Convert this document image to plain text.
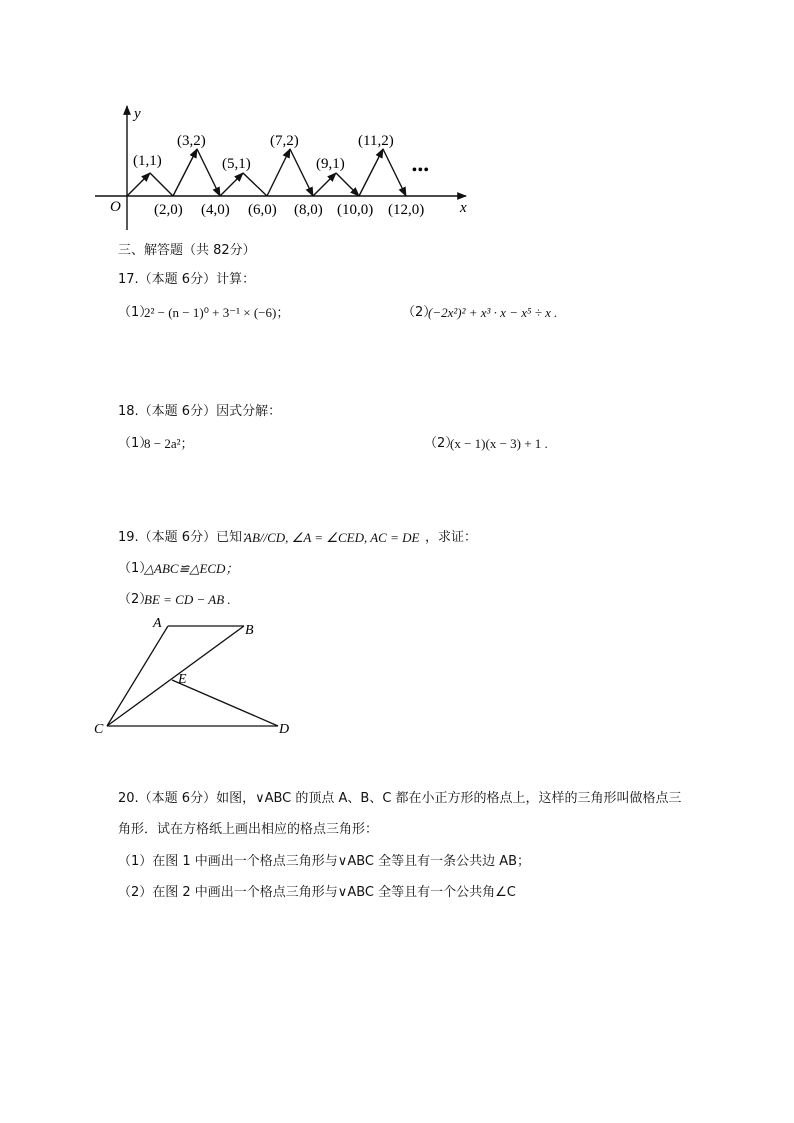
y
x
O
•••
(1,1)
(3,2)
(5,1)
(7,2)
(9,1)
(11,2)
(2,0) (4,0) (6,0) (8,0) (10,0) (12,0)
三、解答题（共 82分）
17.（本题 6分）计算：
（1）
2² − (n − 1)⁰ + 3⁻¹ × (−6)；	（2）
(−2x²)² + x³ · x − x⁵ ÷ x .
18.（本题 6分）因式分解：
（1）
8 − 2a²；	（2）
(x − 1)(x − 3) + 1 .
19.（本题 6分）已知：
AB//CD, ∠A = ∠CED, AC = DE ，求证：
（1）
△ABC≌△ECD；
（2）
BE = CD − AB .
A	B
E
C	D
20.（本题 6分）如图，∨ABC 的顶点 A、B、C 都在小正方形的格点上，这样的三角形叫做格点三
角形．试在方格纸上画出相应的格点三角形：
（1）在图 1 中画出一个格点三角形与∨ABC 全等且有一条公共边 AB；
（2）在图 2 中画出一个格点三角形与∨ABC 全等且有一个公共角∠C
